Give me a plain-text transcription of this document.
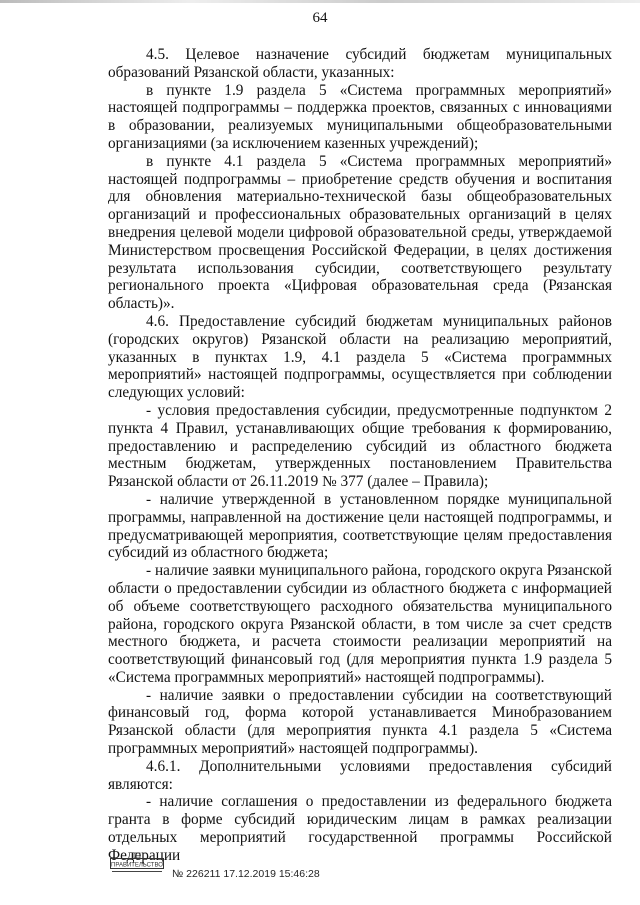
64

4.5. Целевое назначение субсидий бюджетам муниципальных образований Рязанской области, указанных:

в пункте 1.9 раздела 5 «Система программных мероприятий» настоящей подпрограммы – поддержка проектов, связанных с инновациями в образовании, реализуемых муниципальными общеобразовательными организациями (за исключением казенных учреждений);

в пункте 4.1 раздела 5 «Система программных мероприятий» настоящей подпрограммы – приобретение средств обучения и воспитания для обновления материально-технической базы общеобразовательных организаций и профессиональных образовательных организаций в целях внедрения целевой модели цифровой образовательной среды, утверждаемой Министерством просвещения Российской Федерации, в целях достижения результата использования субсидии, соответствующего результату регионального проекта «Цифровая образовательная среда (Рязанская область)».

4.6. Предоставление субсидий бюджетам муниципальных районов (городских округов) Рязанской области на реализацию мероприятий, указанных в пунктах 1.9, 4.1 раздела 5 «Система программных мероприятий» настоящей подпрограммы, осуществляется при соблюдении следующих условий:

- условия предоставления субсидии, предусмотренные подпунктом 2 пункта 4 Правил, устанавливающих общие требования к формированию, предоставлению и распределению субсидий из областного бюджета местным бюджетам, утвержденных постановлением Правительства Рязанской области от 26.11.2019 № 377 (далее – Правила);

- наличие утвержденной в установленном порядке муниципальной программы, направленной на достижение цели настоящей подпрограммы, и предусматривающей мероприятия, соответствующие целям предоставления субсидий из областного бюджета;

- наличие заявки муниципального района, городского округа Рязанской области о предоставлении субсидии из областного бюджета с информацией об объеме соответствующего расходного обязательства муниципального района, городского округа Рязанской области, в том числе за счет средств местного бюджета, и расчета стоимости реализации мероприятий на соответствующий финансовый год (для мероприятия пункта 1.9 раздела 5 «Система программных мероприятий» настоящей подпрограммы).

- наличие заявки о предоставлении субсидии на соответствующий финансовый год, форма которой устанавливается Минобразованием Рязанской области (для мероприятия пункта 4.1 раздела 5 «Система программных мероприятий» настоящей подпрограммы).

4.6.1. Дополнительными условиями предоставления субсидий являются:

- наличие соглашения о предоставлении из федерального бюджета гранта в форме субсидий юридическим лицам в рамках реализации отдельных мероприятий государственной программы Российской Федерации

ПРАВИТЕЛЬСТВО
№ 226211 17.12.2019 15:46:28
